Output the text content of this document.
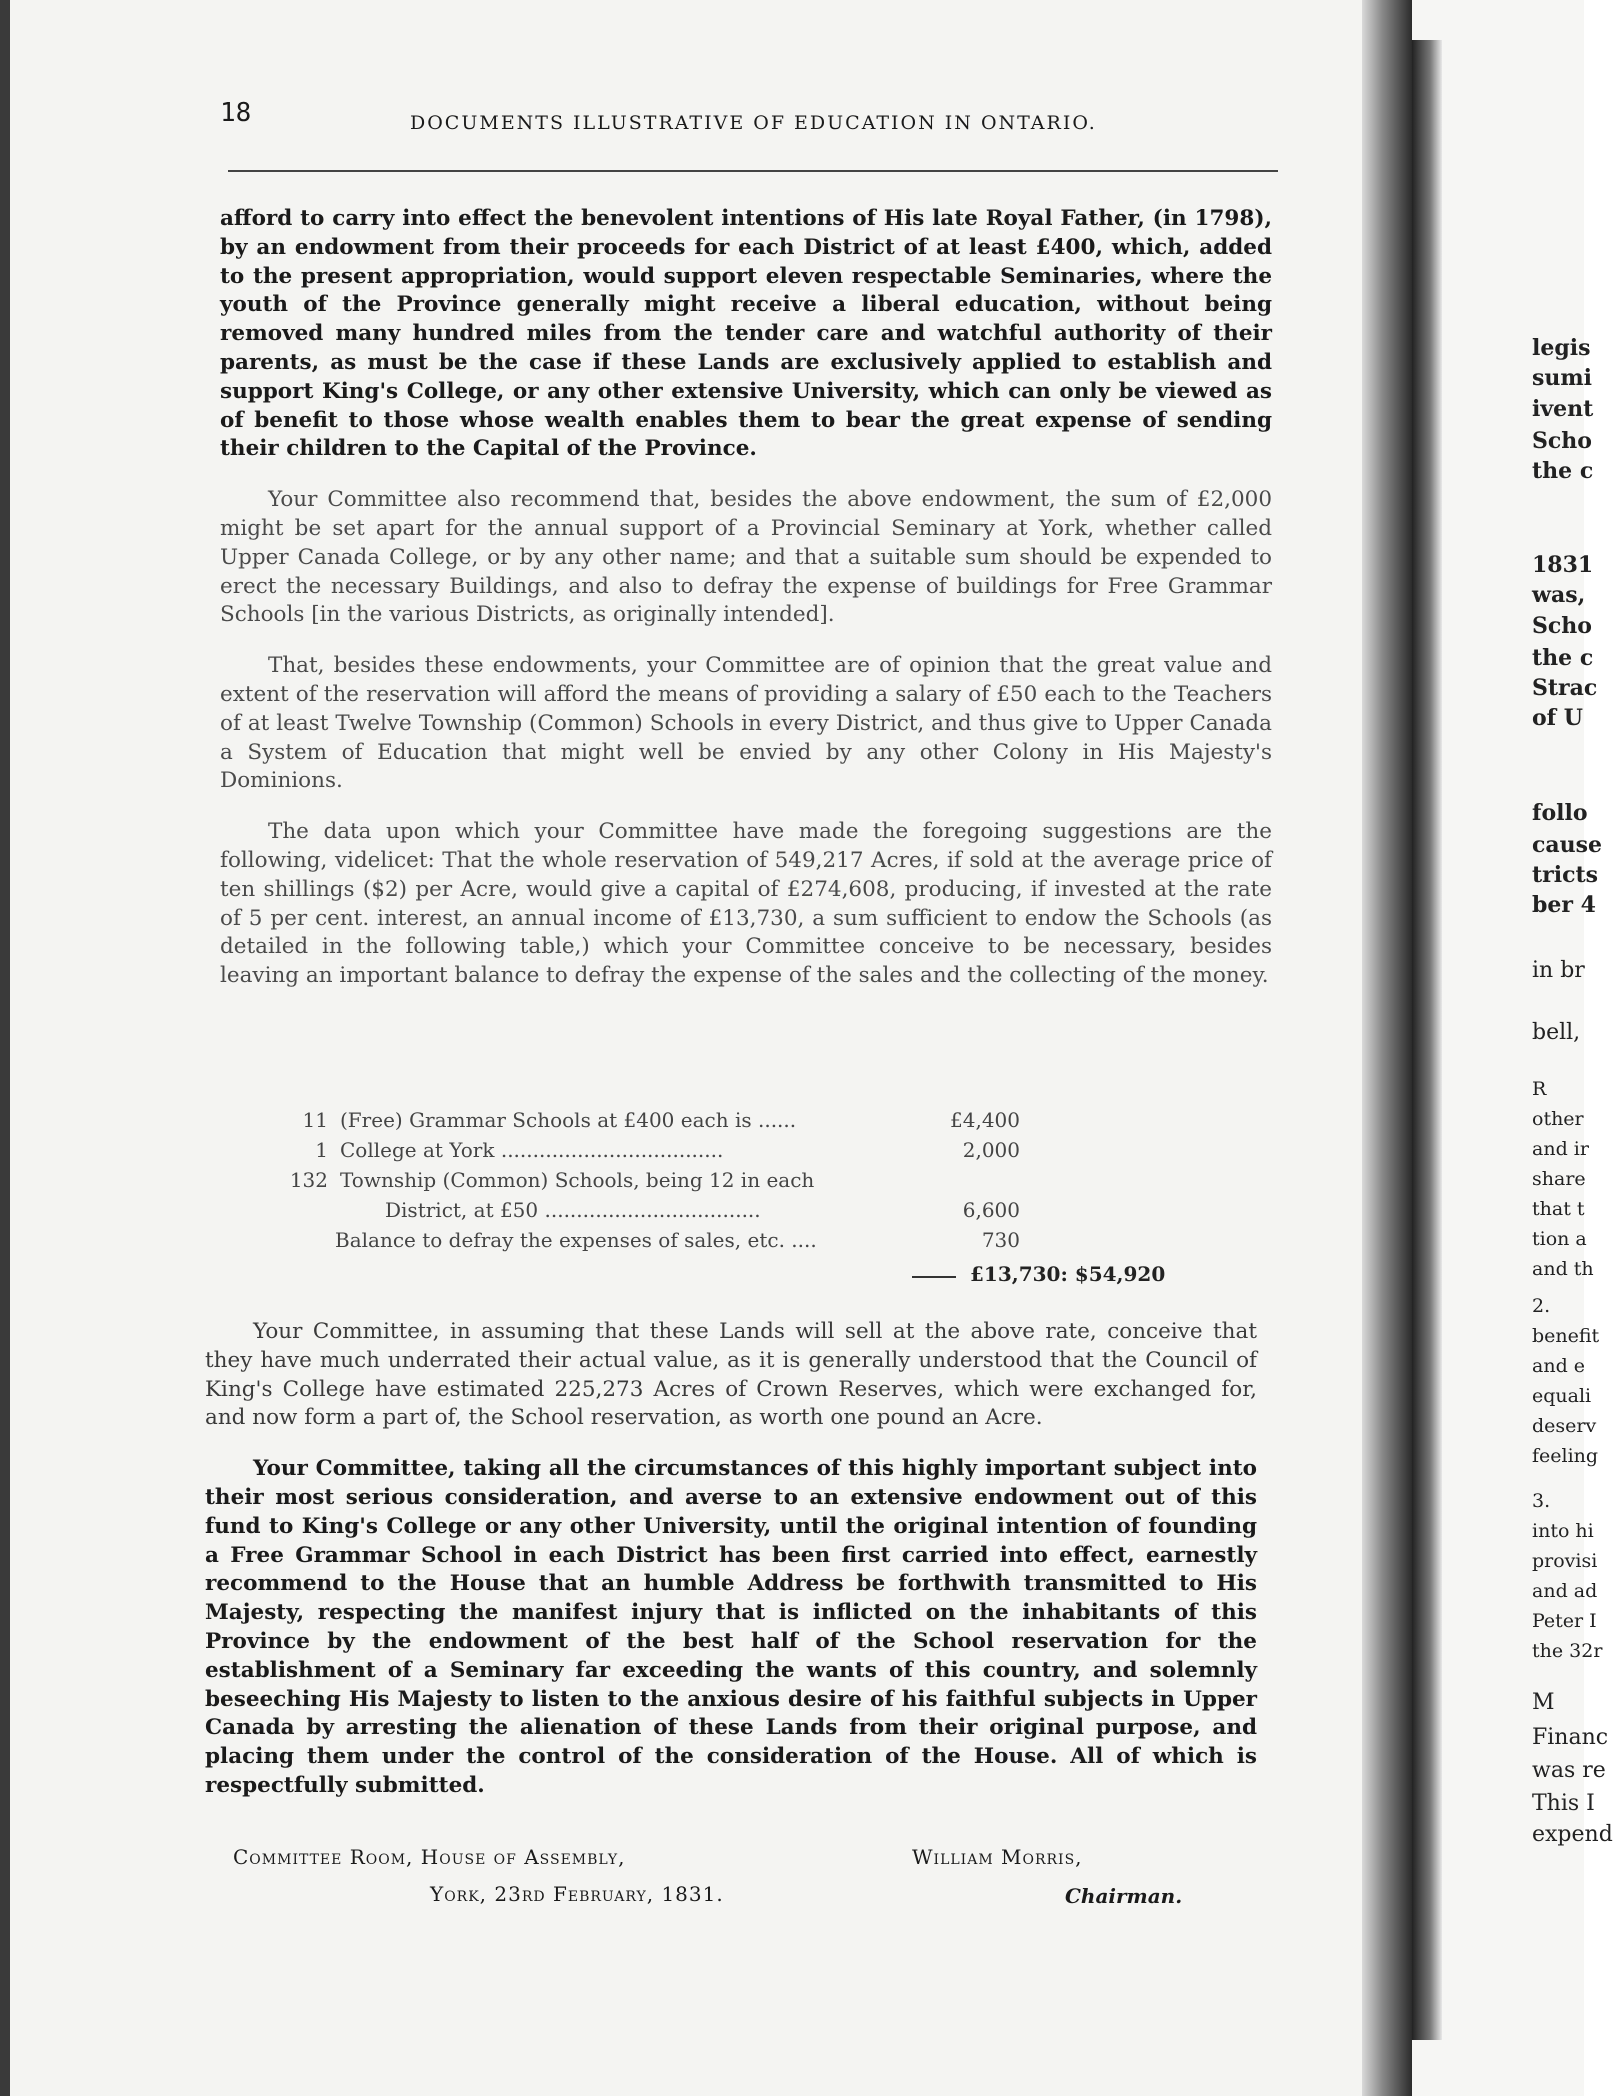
18	DOCUMENTS ILLUSTRATIVE OF EDUCATION IN ONTARIO.

afford to carry into effect the benevolent intentions of His late Royal Father, (in 1798), by an endowment from their proceeds for each District of at least £400, which, added to the present appropriation, would support eleven respectable Seminaries, where the youth of the Province generally might receive a liberal education, without being removed many hundred miles from the tender care and watchful authority of their parents, as must be the case if these Lands are exclusively applied to establish and support King's College, or any other extensive University, which can only be viewed as of benefit to those whose wealth enables them to bear the great expense of sending their children to the Capital of the Province.

Your Committee also recommend that, besides the above endowment, the sum of £2,000 might be set apart for the annual support of a Provincial Seminary at York, whether called Upper Canada College, or by any other name; and that a suitable sum should be expended to erect the necessary Buildings, and also to defray the expense of buildings for Free Grammar Schools [in the various Districts, as originally intended].

That, besides these endowments, your Committee are of opinion that the great value and extent of the reservation will afford the means of providing a salary of £50 each to the Teachers of at least Twelve Township (Common) Schools in every District, and thus give to Upper Canada a System of Education that might well be envied by any other Colony in His Majesty's Dominions.

The data upon which your Committee have made the foregoing suggestions are the following, videlicet: That the whole reservation of 549,217 Acres, if sold at the average price of ten shillings ($2) per Acre, would give a capital of £274,608, producing, if invested at the rate of 5 per cent. interest, an annual income of £13,730, a sum sufficient to endow the Schools (as detailed in the following table,) which your Committee conceive to be necessary, besides leaving an important balance to defray the expense of the sales and the collecting of the money.

11 (Free) Grammar Schools at £400 each is ......	£4,400
1 College at York ...................................	2,000
132 Township (Common) Schools, being 12 in each
District, at £50 ..................................	6,600
Balance to defray the expenses of sales, etc. ....	730
£13,730: $54,920

Your Committee, in assuming that these Lands will sell at the above rate, conceive that they have much underrated their actual value, as it is generally understood that the Council of King's College have estimated 225,273 Acres of Crown Reserves, which were exchanged for, and now form a part of, the School reservation, as worth one pound an Acre.

Your Committee, taking all the circumstances of this highly important subject into their most serious consideration, and averse to an extensive endowment out of this fund to King's College or any other University, until the original intention of founding a Free Grammar School in each District has been first carried into effect, earnestly recommend to the House that an humble Address be forthwith transmitted to His Majesty, respecting the manifest injury that is inflicted on the inhabitants of this Province by the endowment of the best half of the School reservation for the establishment of a Seminary far exceeding the wants of this country, and solemnly beseeching His Majesty to listen to the anxious desire of his faithful subjects in Upper Canada by arresting the alienation of these Lands from their original purpose, and placing them under the control of the consideration of the House. All of which is respectfully submitted.

Committee Room, House of Assembly,
York, 23rd February, 1831.
William Morris,
Chairman.
legis
sumi
ivent
Scho
the c
1831
was,
Scho
the c
Strac
of U
follo
cause
tricts
ber 4
in br
bell,
R
other
and ir
share
that t
tion a
and th
2.
benefit
and e
equali
deserv
feeling
3.
into hi
provisi
and ad
Peter I
the 32r
M
Financ
was re
This I
expend
